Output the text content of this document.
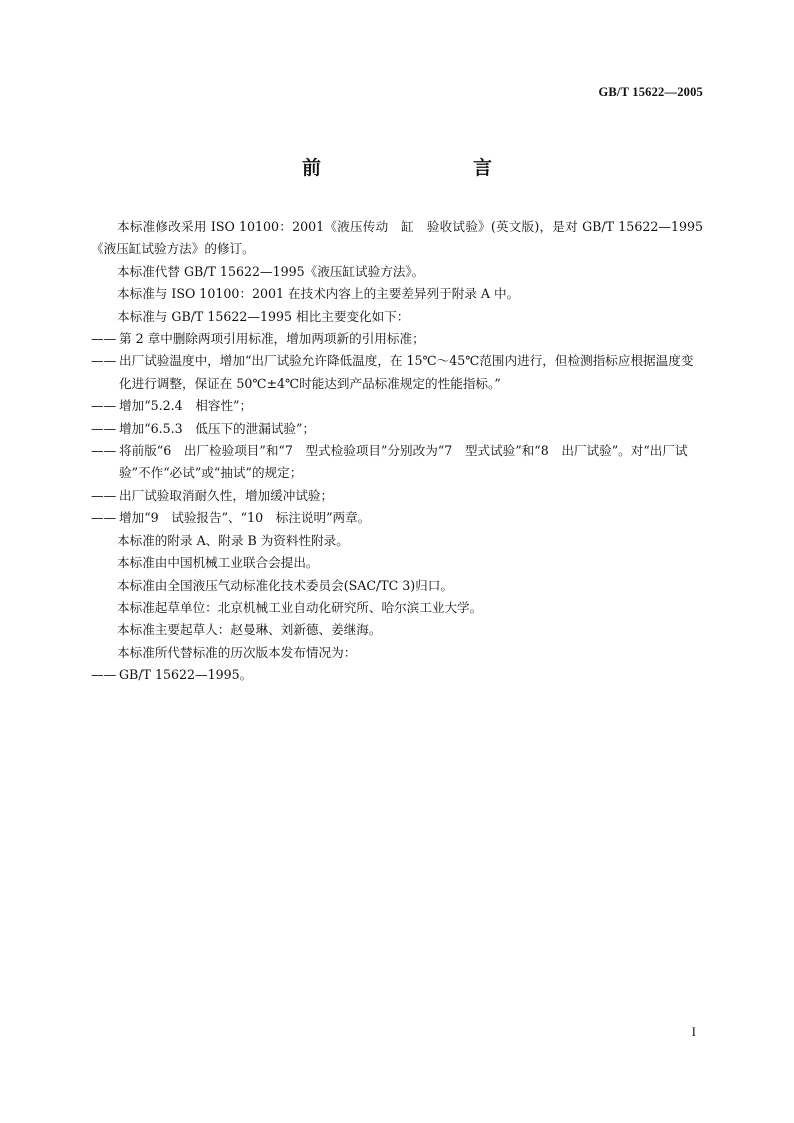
GB/T 15622—2005
前　　言

本标准修改采用 ISO 10100：2001《液压传动　缸　验收试验》(英文版)，是对 GB/T 15622—1995《液压缸试验方法》的修订。

本标准代替 GB/T 15622—1995《液压缸试验方法》。

本标准与 ISO 10100：2001 在技术内容上的主要差异列于附录 A 中。

本标准与 GB/T 15622—1995 相比主要变化如下：

—— 第 2 章中删除两项引用标准，增加两项新的引用标准；

—— 出厂试验温度中，增加“出厂试验允许降低温度，在 15℃～45℃范围内进行，但检测指标应根据温度变化进行调整，保证在 50℃±4℃时能达到产品标准规定的性能指标。”

—— 增加“5.2.4　相容性”；

—— 增加“6.5.3　低压下的泄漏试验”；

—— 将前版“6　出厂检验项目”和“7　型式检验项目”分别改为“7　型式试验”和“8　出厂试验”。对“出厂试验”不作“必试”或“抽试”的规定；

—— 出厂试验取消耐久性，增加缓冲试验；

—— 增加“9　试验报告”、“10　标注说明”两章。

本标准的附录 A、附录 B 为资料性附录。

本标准由中国机械工业联合会提出。

本标准由全国液压气动标准化技术委员会(SAC/TC 3)归口。

本标准起草单位：北京机械工业自动化研究所、哈尔滨工业大学。

本标准主要起草人：赵曼琳、刘新德、姜继海。

本标准所代替标准的历次版本发布情况为：

—— GB/T 15622—1995。

I
